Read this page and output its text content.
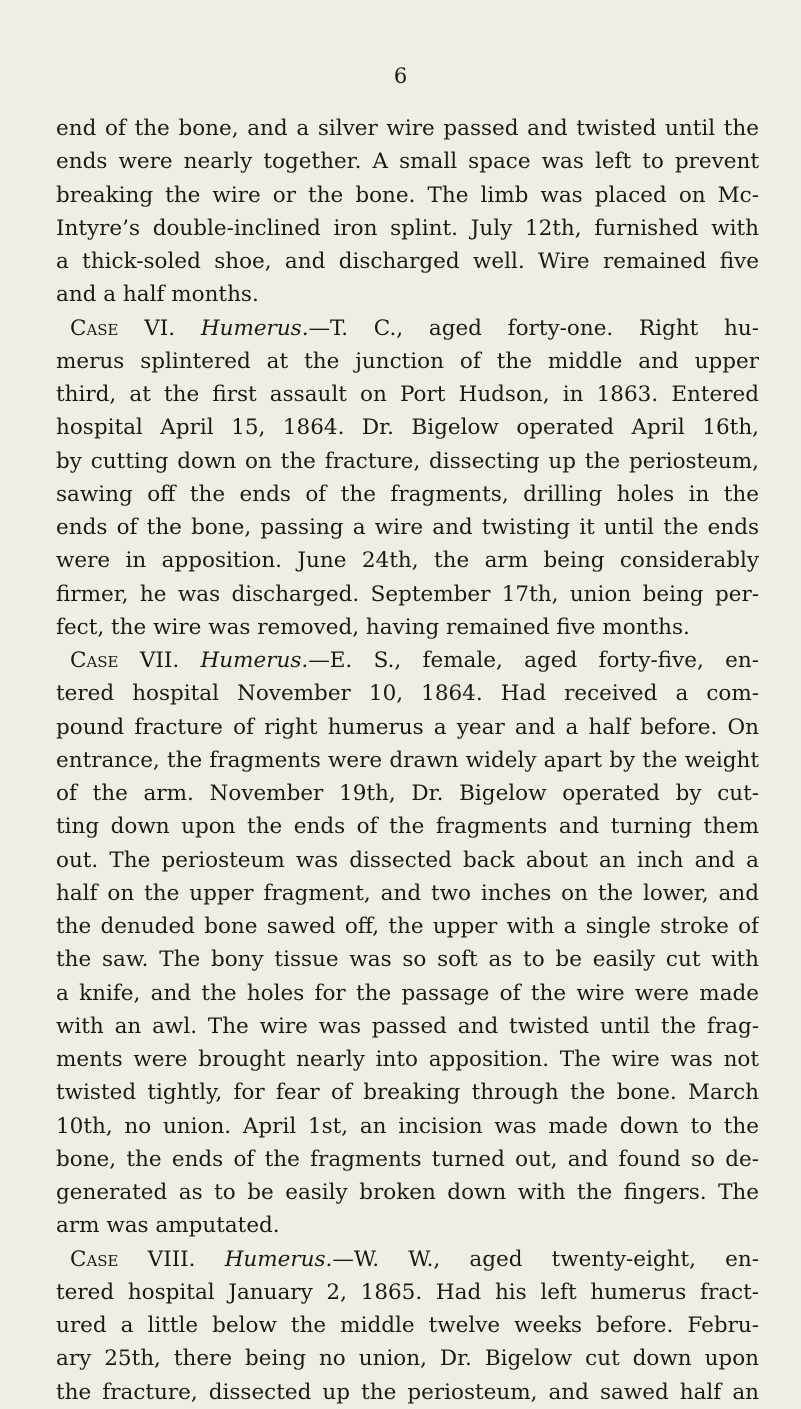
6
end of the bone, and a silver wire passed and twisted until the
ends were nearly together. A small space was left to prevent
breaking the wire or the bone. The limb was placed on Mc-
Intyre’s double-inclined iron splint. July 12th, furnished with
a thick-soled shoe, and discharged well. Wire remained five
and a half months.
Case VI. Humerus.—T. C., aged forty-one. Right hu-
merus splintered at the junction of the middle and upper
third, at the first assault on Port Hudson, in 1863. Entered
hospital April 15, 1864. Dr. Bigelow operated April 16th,
by cutting down on the fracture, dissecting up the periosteum,
sawing off the ends of the fragments, drilling holes in the
ends of the bone, passing a wire and twisting it until the ends
were in apposition. June 24th, the arm being considerably
firmer, he was discharged. September 17th, union being per-
fect, the wire was removed, having remained five months.
Case VII. Humerus.—E. S., female, aged forty-five, en-
tered hospital November 10, 1864. Had received a com-
pound fracture of right humerus a year and a half before. On
entrance, the fragments were drawn widely apart by the weight
of the arm. November 19th, Dr. Bigelow operated by cut-
ting down upon the ends of the fragments and turning them
out. The periosteum was dissected back about an inch and a
half on the upper fragment, and two inches on the lower, and
the denuded bone sawed off, the upper with a single stroke of
the saw. The bony tissue was so soft as to be easily cut with
a knife, and the holes for the passage of the wire were made
with an awl. The wire was passed and twisted until the frag-
ments were brought nearly into apposition. The wire was not
twisted tightly, for fear of breaking through the bone. March
10th, no union. April 1st, an incision was made down to the
bone, the ends of the fragments turned out, and found so de-
generated as to be easily broken down with the fingers. The
arm was amputated.
Case VIII. Humerus.—W. W., aged twenty-eight, en-
tered hospital January 2, 1865. Had his left humerus fract-
ured a little below the middle twelve weeks before. Febru-
ary 25th, there being no union, Dr. Bigelow cut down upon
the fracture, dissected up the periosteum, and sawed half an
